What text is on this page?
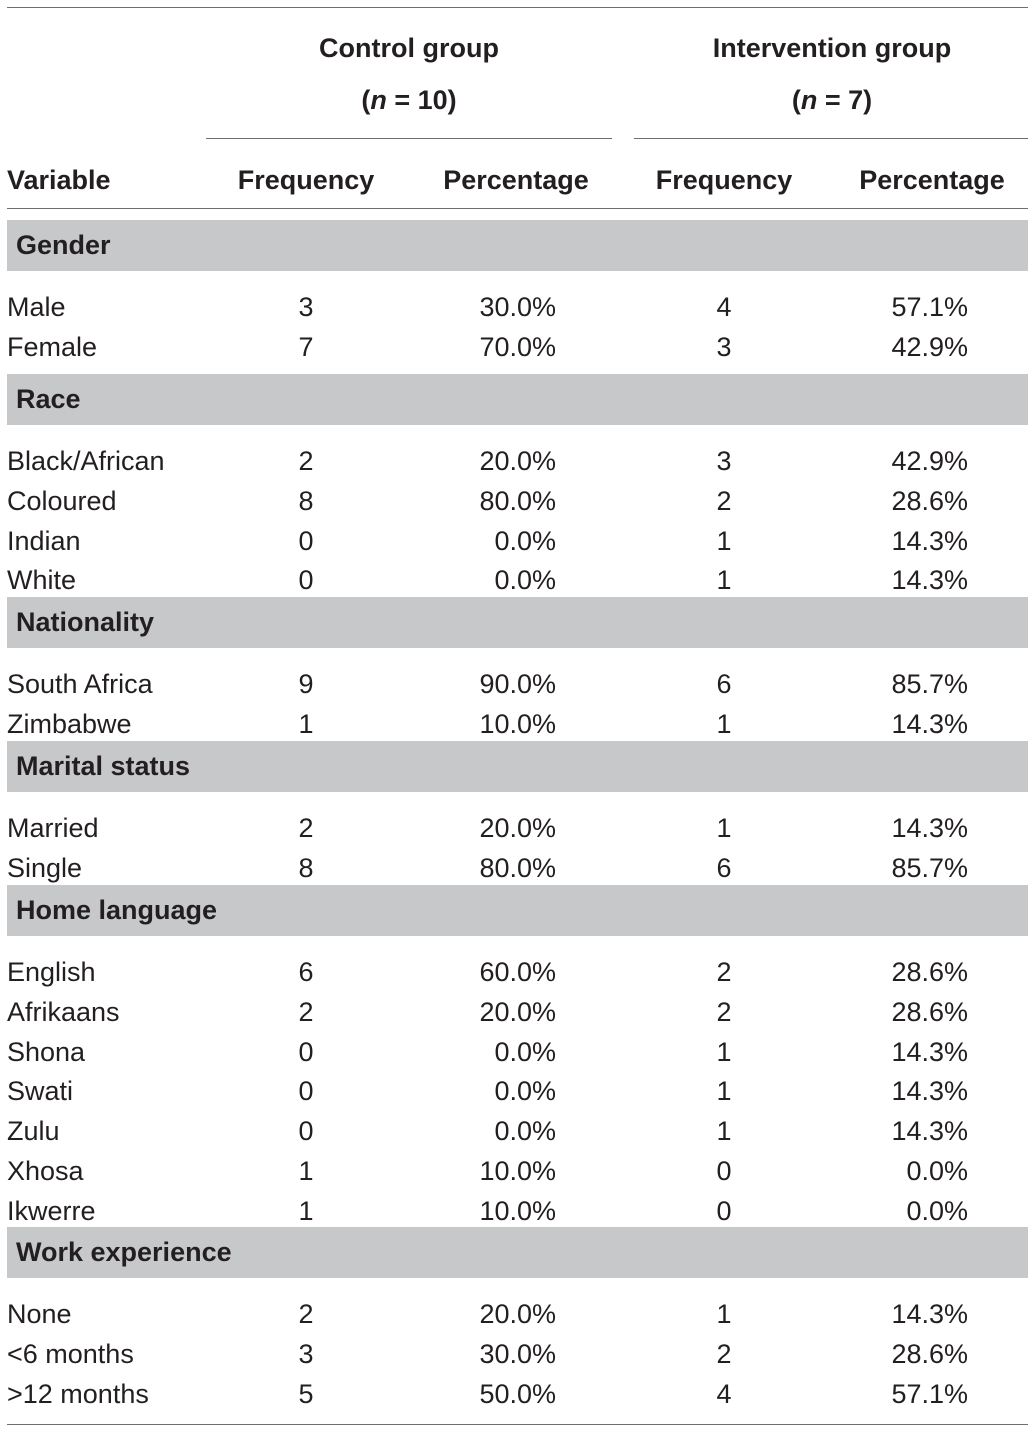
Control group
(n = 10)
Intervention group
(n = 7)
Variable	Frequency	Percentage	Frequency	Percentage
Gender
Male	3	30.0%	4	57.1%
Female	7	70.0%	3	42.9%
Race
Black/African	2	20.0%	3	42.9%
Coloured	8	80.0%	2	28.6%
Indian	0	0.0%	1	14.3%
White	0	0.0%	1	14.3%
Nationality
South Africa	9	90.0%	6	85.7%
Zimbabwe	1	10.0%	1	14.3%
Marital status
Married	2	20.0%	1	14.3%
Single	8	80.0%	6	85.7%
Home language
English	6	60.0%	2	28.6%
Afrikaans	2	20.0%	2	28.6%
Shona	0	0.0%	1	14.3%
Swati	0	0.0%	1	14.3%
Zulu	0	0.0%	1	14.3%
Xhosa	1	10.0%	0	0.0%
Ikwerre	1	10.0%	0	0.0%
Work experience
None	2	20.0%	1	14.3%
<6 months	3	30.0%	2	28.6%
>12 months	5	50.0%	4	57.1%
